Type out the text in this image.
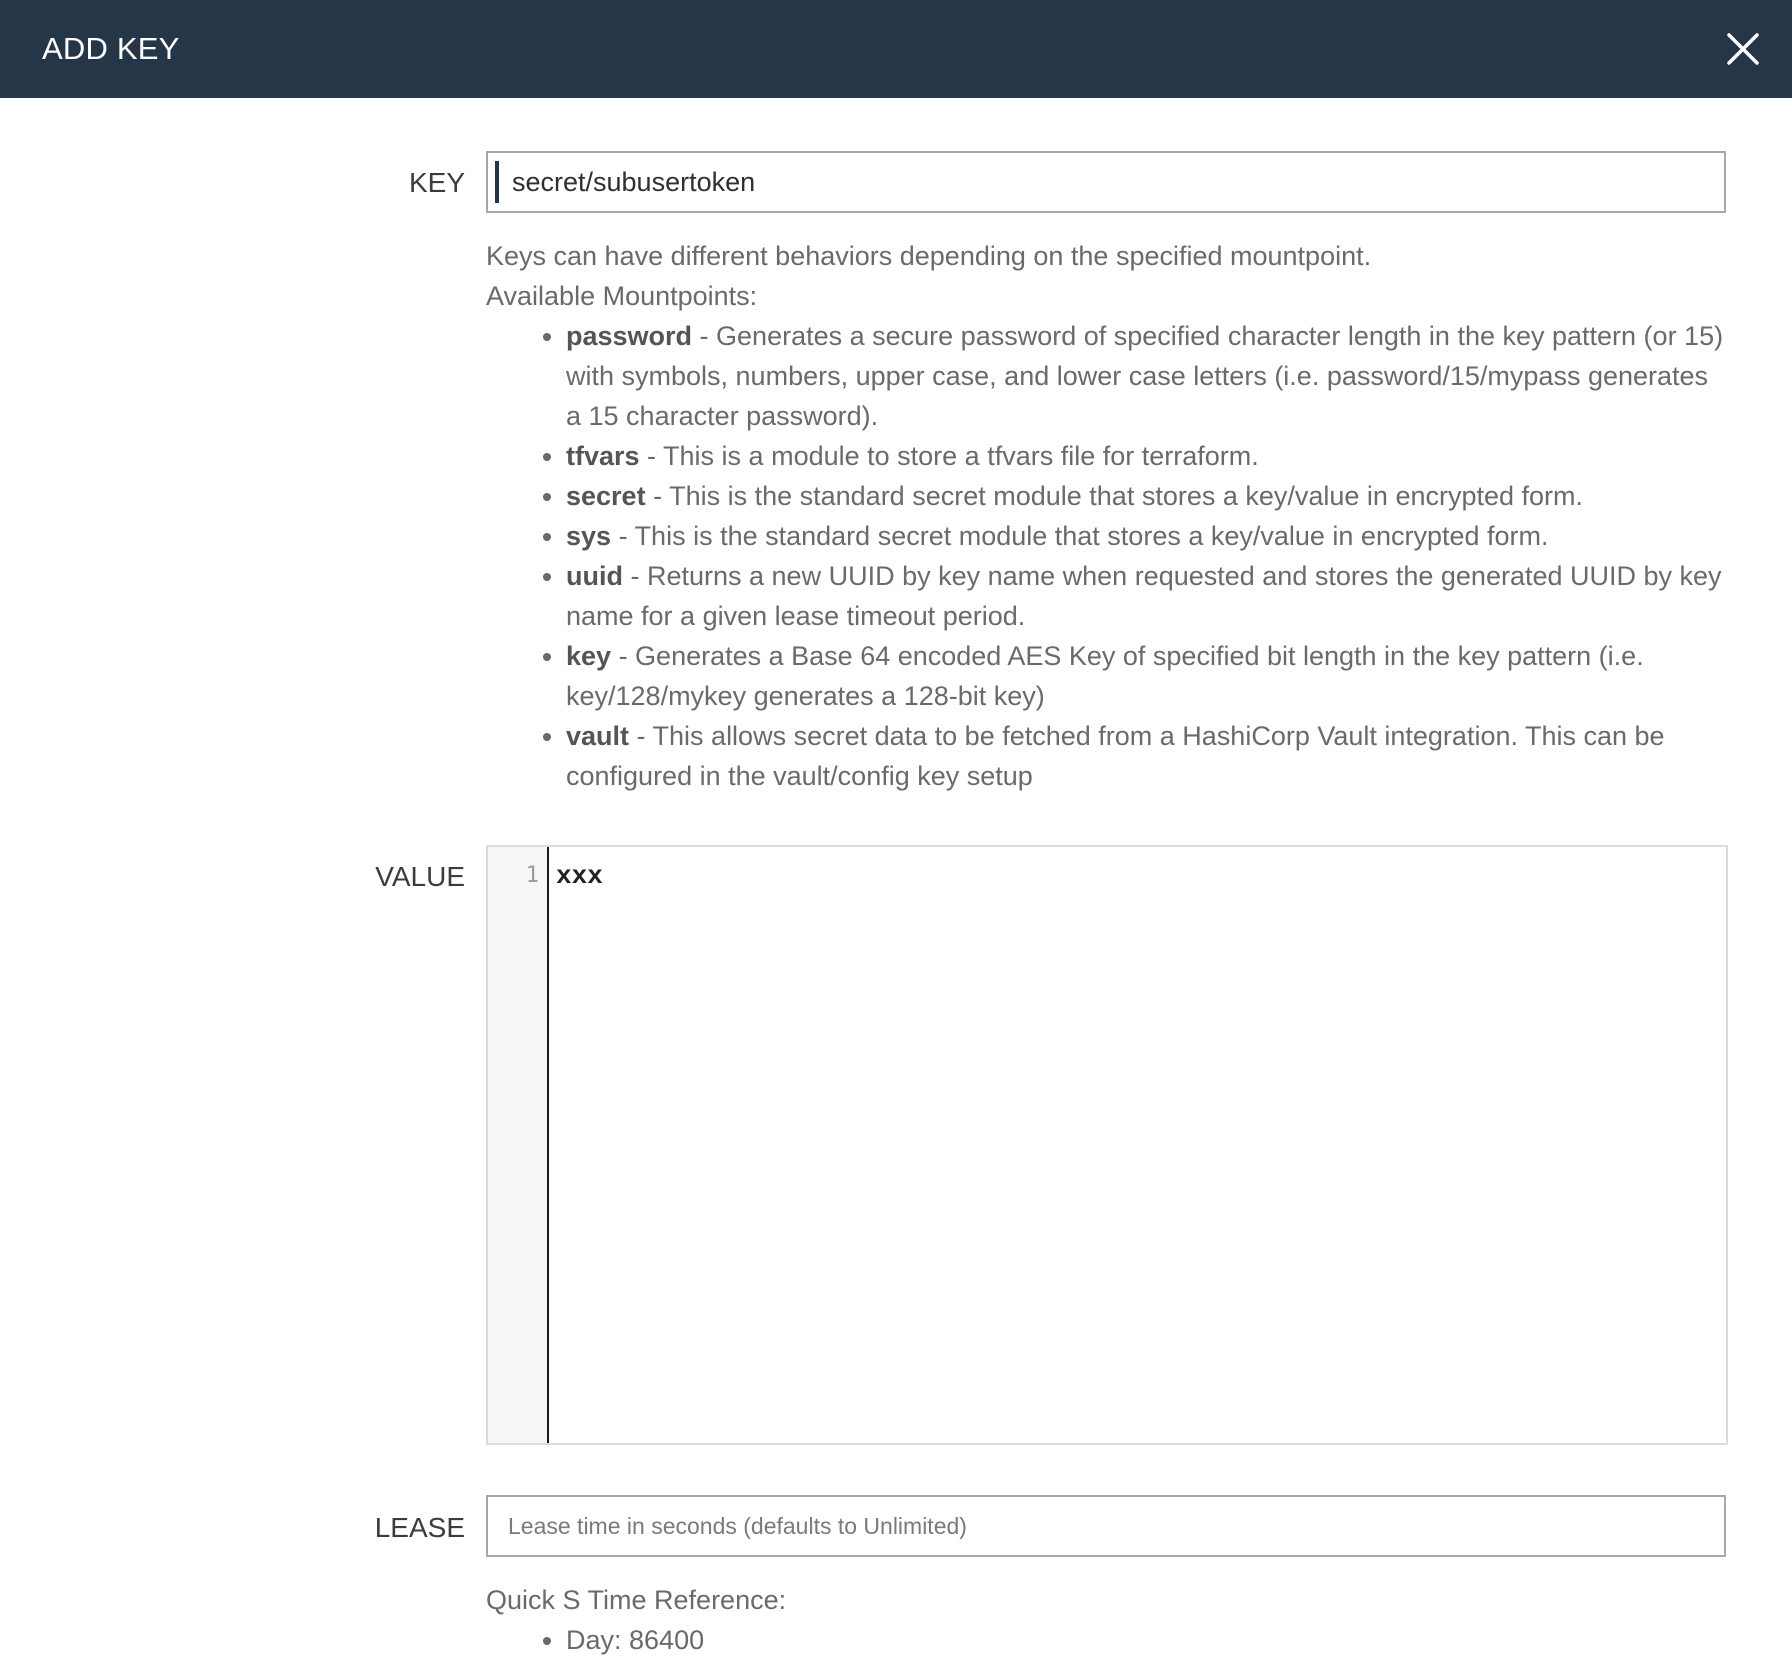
ADD KEY
KEY secret/subusertoken

Keys can have different behaviors depending on the specified mountpoint.

Available Mountpoints:

• password - Generates a secure password of specified character length in the key pattern (or 15) with symbols, numbers, upper case, and lower case letters (i.e. password/15/mypass generates a 15 character password).
• tfvars - This is a module to store a tfvars file for terraform.
• secret - This is the standard secret module that stores a key/value in encrypted form.
• sys - This is the standard secret module that stores a key/value in encrypted form.
• uuid - Returns a new UUID by key name when requested and stores the generated UUID by key name for a given lease timeout period.
• key - Generates a Base 64 encoded AES Key of specified bit length in the key pattern (i.e. key/128/mykey generates a 128-bit key)
• vault - This allows secret data to be fetched from a HashiCorp Vault integration. This can be configured in the vault/config key setup
VALUE	1 xxx
LEASE
Lease time in seconds (defaults to Unlimited)

Quick S Time Reference:

• Day: 86400
